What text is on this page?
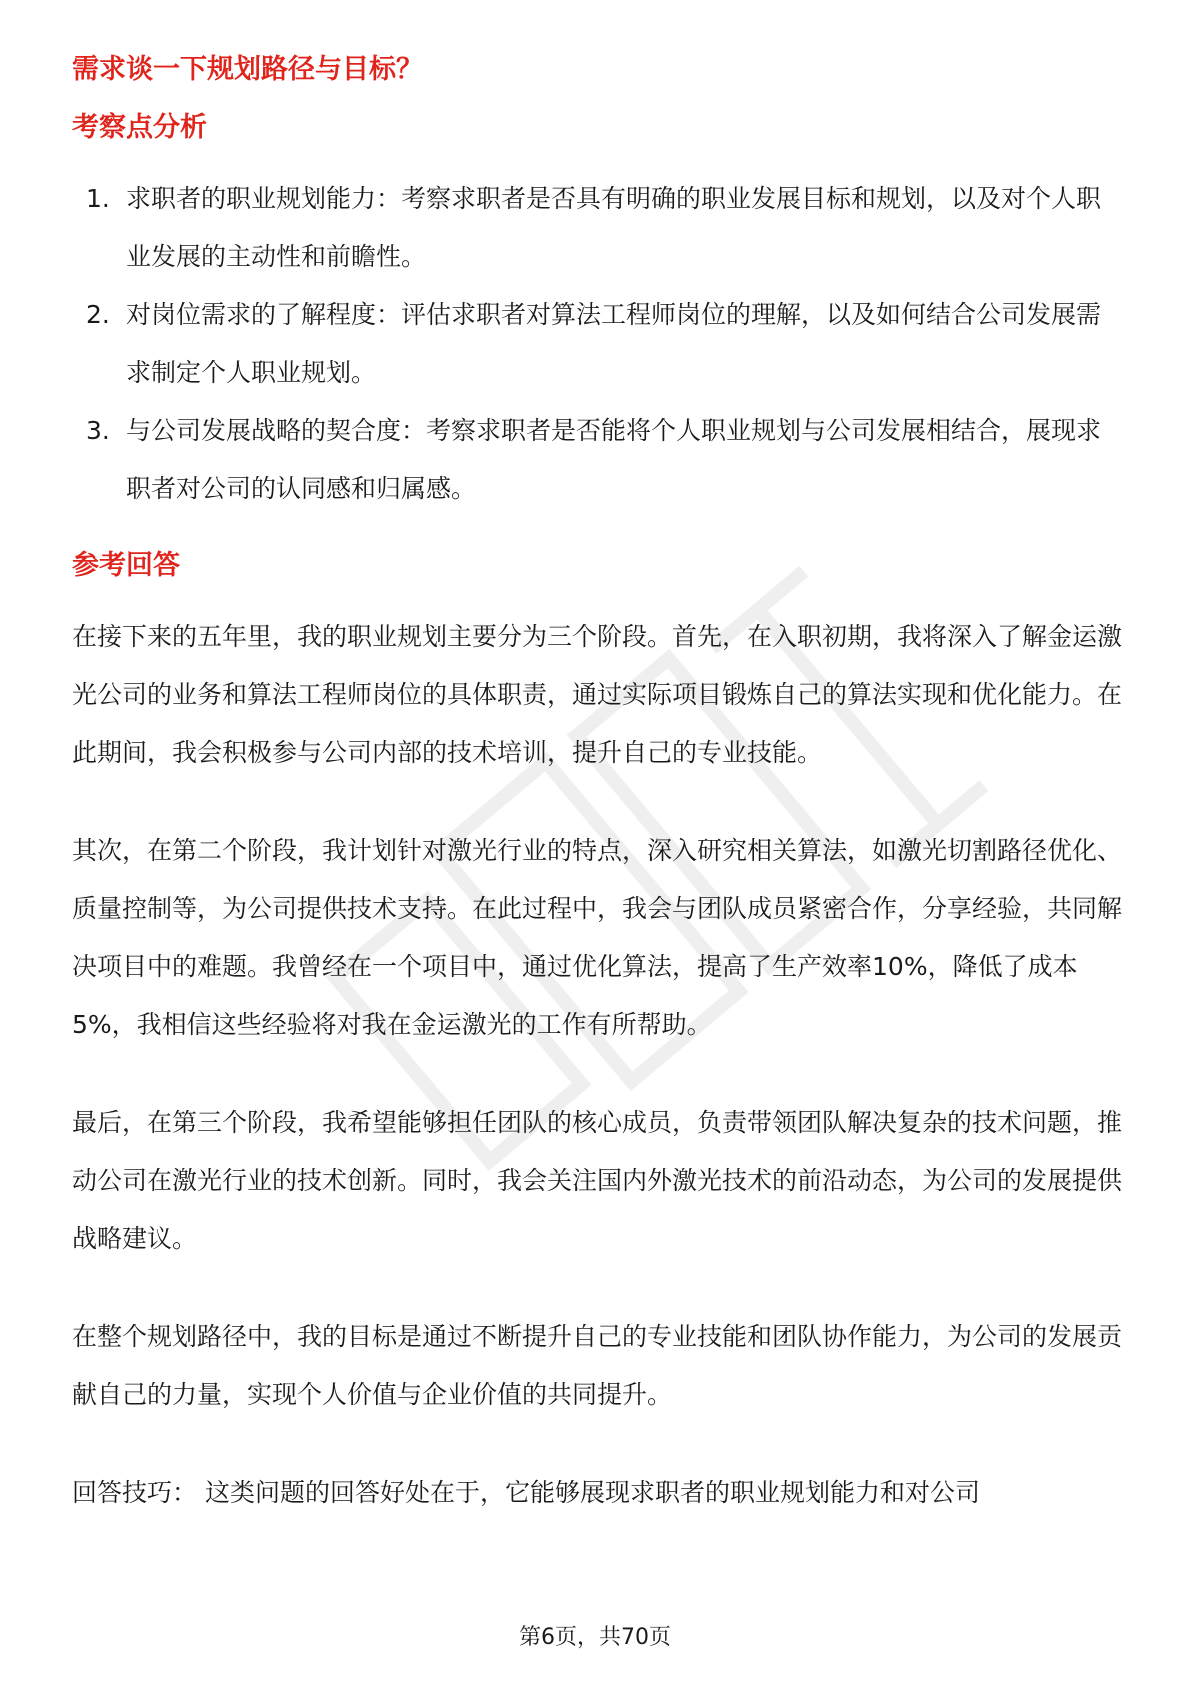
需求谈一下规划路径与目标？
考察点分析
1. 求职者的职业规划能力：考察求职者是否具有明确的职业发展目标和规划，以及对个人职业发展的主动性和前瞻性。
2. 对岗位需求的了解程度：评估求职者对算法工程师岗位的理解，以及如何结合公司发展需求制定个人职业规划。
3. 与公司发展战略的契合度：考察求职者是否能将个人职业规划与公司发展相结合，展现求职者对公司的认同感和归属感。
参考回答

在接下来的五年里，我的职业规划主要分为三个阶段。首先，在入职初期，我将深入了解金运激光公司的业务和算法工程师岗位的具体职责，通过实际项目锻炼自己的算法实现和优化能力。在此期间，我会积极参与公司内部的技术培训，提升自己的专业技能。

其次，在第二个阶段，我计划针对激光行业的特点，深入研究相关算法，如激光切割路径优化、质量控制等，为公司提供技术支持。在此过程中，我会与团队成员紧密合作，分享经验，共同解决项目中的难题。我曾经在一个项目中，通过优化算法，提高了生产效率10%，降低了成本5%，我相信这些经验将对我在金运激光的工作有所帮助。

最后，在第三个阶段，我希望能够担任团队的核心成员，负责带领团队解决复杂的技术问题，推动公司在激光行业的技术创新。同时，我会关注国内外激光技术的前沿动态，为公司的发展提供战略建议。

在整个规划路径中，我的目标是通过不断提升自己的专业技能和团队协作能力，为公司的发展贡献自己的力量，实现个人价值与企业价值的共同提升。

回答技巧： 这类问题的回答好处在于，它能够展现求职者的职业规划能力和对公司

第6页，共70页
